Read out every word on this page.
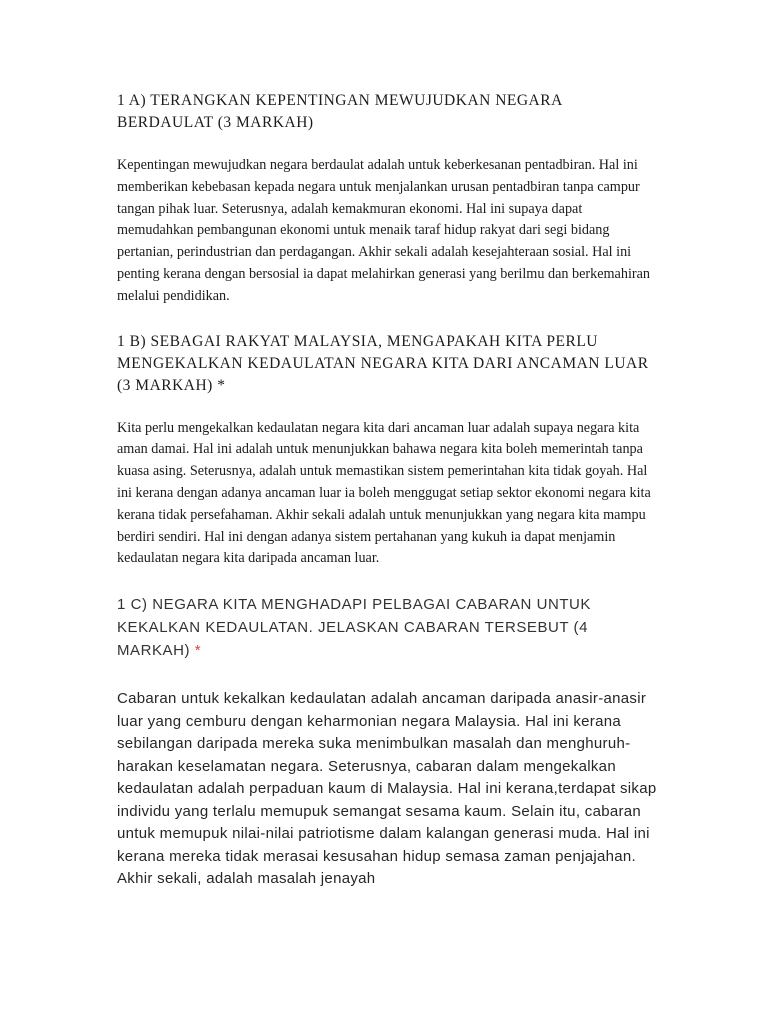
1 A) TERANGKAN KEPENTINGAN MEWUJUDKAN NEGARA BERDAULAT (3 MARKAH)

Kepentingan mewujudkan negara berdaulat adalah untuk keberkesanan pentadbiran. Hal ini memberikan kebebasan kepada negara untuk menjalankan urusan pentadbiran tanpa campur tangan pihak luar. Seterusnya, adalah kemakmuran ekonomi. Hal ini supaya dapat memudahkan pembangunan ekonomi untuk menaik taraf hidup rakyat dari segi bidang pertanian, perindustrian dan perdagangan. Akhir sekali adalah kesejahteraan sosial. Hal ini penting kerana dengan bersosial ia dapat melahirkan generasi yang berilmu dan berkemahiran melalui pendidikan.

1 B) SEBAGAI RAKYAT MALAYSIA, MENGAPAKAH KITA PERLU MENGEKALKAN KEDAULATAN NEGARA KITA DARI ANCAMAN LUAR (3 MARKAH) *

Kita perlu mengekalkan kedaulatan negara kita dari ancaman luar adalah supaya negara kita aman damai. Hal ini adalah untuk menunjukkan bahawa negara kita boleh memerintah tanpa kuasa asing. Seterusnya, adalah untuk memastikan sistem pemerintahan kita tidak goyah. Hal ini kerana dengan adanya ancaman luar ia boleh menggugat setiap sektor ekonomi negara kita kerana tidak persefahaman. Akhir sekali adalah untuk menunjukkan yang negara kita mampu berdiri sendiri. Hal ini dengan adanya sistem pertahanan yang kukuh ia dapat menjamin kedaulatan negara kita daripada ancaman luar.

1 C) NEGARA KITA MENGHADAPI PELBAGAI CABARAN UNTUK KEKALKAN KEDAULATAN. JELASKAN CABARAN TERSEBUT (4 MARKAH) *

Cabaran untuk kekalkan kedaulatan adalah ancaman daripada anasir-anasir luar yang cemburu dengan keharmonian negara Malaysia. Hal ini kerana sebilangan daripada mereka suka menimbulkan masalah dan menghuruh- harakan keselamatan negara. Seterusnya, cabaran dalam mengekalkan kedaulatan adalah perpaduan kaum di Malaysia. Hal ini kerana,terdapat sikap individu yang terlalu memupuk semangat sesama kaum. Selain itu, cabaran untuk memupuk nilai-nilai patriotisme dalam kalangan generasi muda. Hal ini kerana mereka tidak merasai kesusahan hidup semasa zaman penjajahan. Akhir sekali, adalah masalah jenayah
